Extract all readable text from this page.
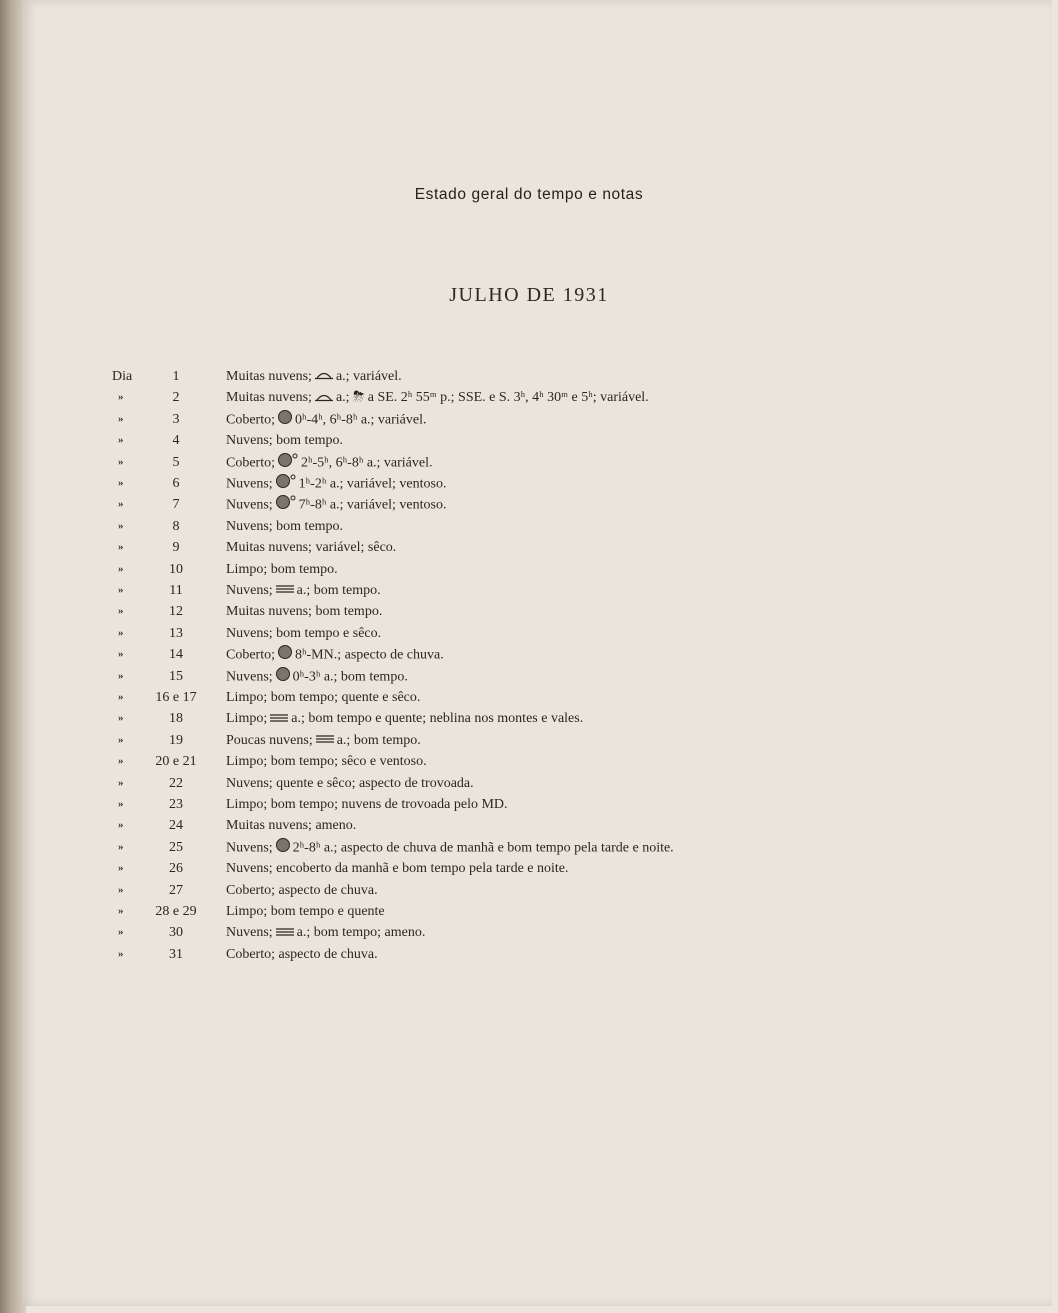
Estado geral do tempo e notas
JULHO DE 1931
Dia	1	Muitas nuvens; a.; variável.
»	2	Muitas nuvens; a.; ⛈ a SE. 2ʰ 55ᵐ p.; SSE. e S. 3ʰ, 4ʰ 30ᵐ e 5ʰ; variável.
»	3	Coberto; 0ʰ-4ʰ, 6ʰ-8ʰ a.; variável.
»	4	Nuvens; bom tempo.
»	5	Coberto; 2ʰ-5ʰ, 6ʰ-8ʰ a.; variável.
»	6	Nuvens; 1ʰ-2ʰ a.; variável; ventoso.
»	7	Nuvens; 7ʰ-8ʰ a.; variável; ventoso.
»	8	Nuvens; bom tempo.
»	9	Muitas nuvens; variável; sêco.
»	10	Limpo; bom tempo.
»	11	Nuvens; a.; bom tempo.
»	12	Muitas nuvens; bom tempo.
»	13	Nuvens; bom tempo e sêco.
»	14	Coberto; 8ʰ-MN.; aspecto de chuva.
»	15	Nuvens; 0ʰ-3ʰ a.; bom tempo.
»	16 e 17	Limpo; bom tempo; quente e sêco.
»	18	Limpo; a.; bom tempo e quente; neblina nos montes e vales.
»	19	Poucas nuvens; a.; bom tempo.
»	20 e 21	Limpo; bom tempo; sêco e ventoso.
»	22	Nuvens; quente e sêco; aspecto de trovoada.
»	23	Limpo; bom tempo; nuvens de trovoada pelo MD.
»	24	Muitas nuvens; ameno.
»	25	Nuvens; 2ʰ-8ʰ a.; aspecto de chuva de manhã e bom tempo pela tarde e noite.
»	26	Nuvens; encoberto da manhã e bom tempo pela tarde e noite.
»	27	Coberto; aspecto de chuva.
»	28 e 29	Limpo; bom tempo e quente
»	30	Nuvens; a.; bom tempo; ameno.
»	31	Coberto; aspecto de chuva.
